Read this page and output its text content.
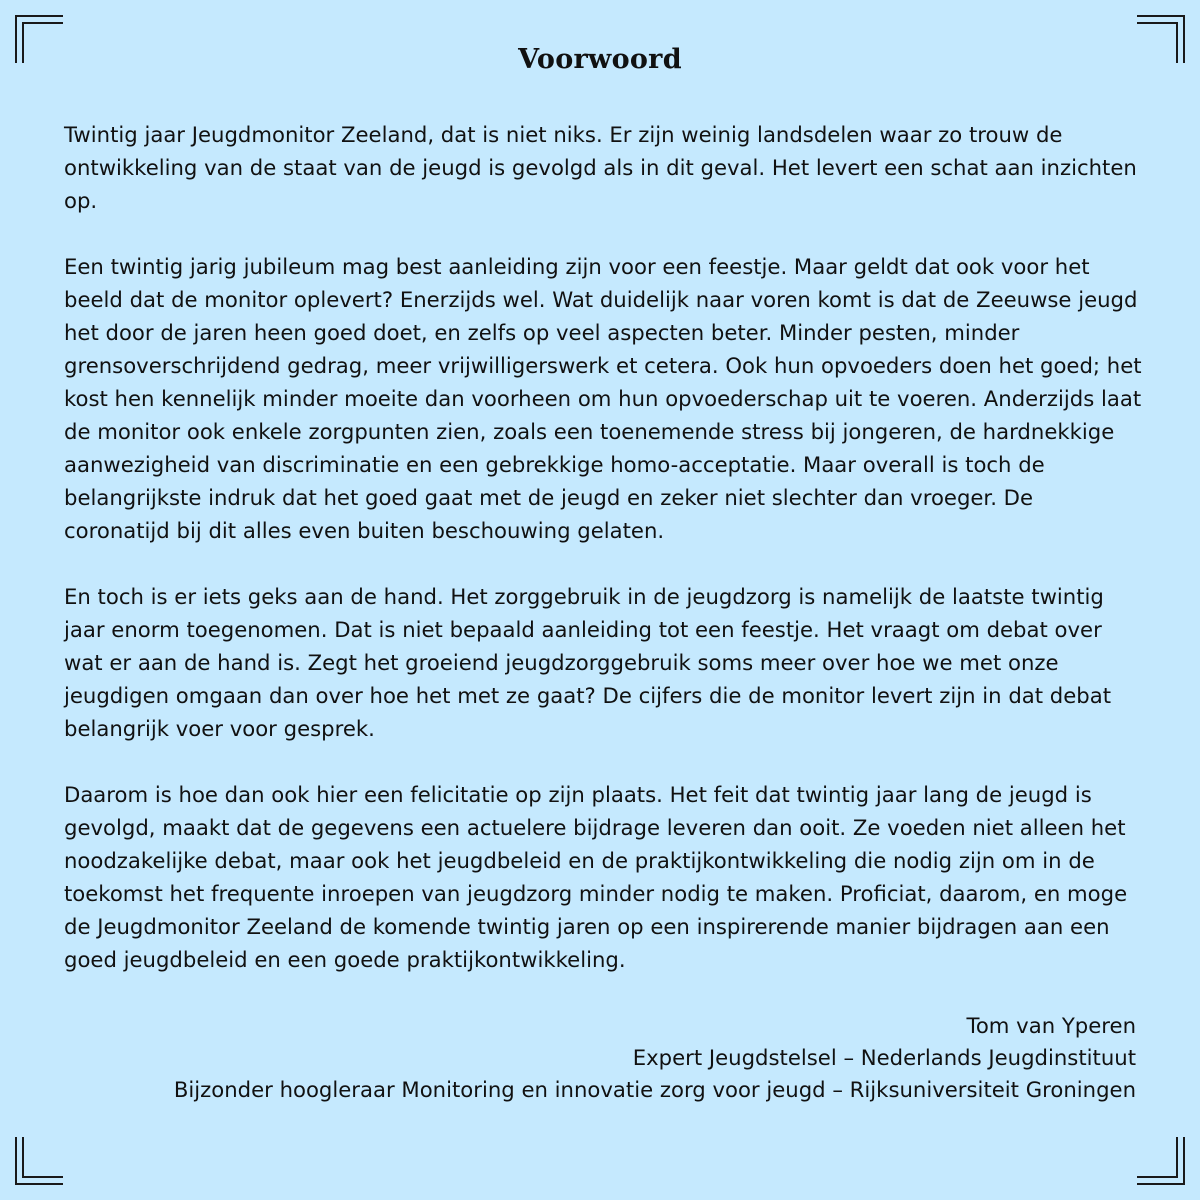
Voorwoord

Twintig jaar Jeugdmonitor Zeeland, dat is niet niks. Er zijn weinig landsdelen waar zo trouw de ontwikkeling van de staat van de jeugd is gevolgd als in dit geval. Het levert een schat aan inzichten op.

Een twintig jarig jubileum mag best aanleiding zijn voor een feestje. Maar geldt dat ook voor het beeld dat de monitor oplevert? Enerzijds wel. Wat duidelijk naar voren komt is dat de Zeeuwse jeugd het door de jaren heen goed doet, en zelfs op veel aspecten beter. Minder pesten, minder grensoverschrijdend gedrag, meer vrijwilligerswerk et cetera. Ook hun opvoeders doen het goed; het kost hen kennelijk minder moeite dan voorheen om hun opvoederschap uit te voeren. Anderzijds laat de monitor ook enkele zorgpunten zien, zoals een toenemende stress bij jongeren, de hardnekkige aanwezigheid van discriminatie en een gebrekkige homo-acceptatie. Maar overall is toch de belangrijkste indruk dat het goed gaat met de jeugd en zeker niet slechter dan vroeger. De coronatijd bij dit alles even buiten beschouwing gelaten.

En toch is er iets geks aan de hand. Het zorggebruik in de jeugdzorg is namelijk de laatste twintig jaar enorm toegenomen. Dat is niet bepaald aanleiding tot een feestje. Het vraagt om debat over wat er aan de hand is. Zegt het groeiend jeugdzorggebruik soms meer over hoe we met onze jeugdigen omgaan dan over hoe het met ze gaat? De cijfers die de monitor levert zijn in dat debat belangrijk voer voor gesprek.

Daarom is hoe dan ook hier een felicitatie op zijn plaats. Het feit dat twintig jaar lang de jeugd is gevolgd, maakt dat de gegevens een actuelere bijdrage leveren dan ooit. Ze voeden niet alleen het noodzakelijke debat, maar ook het jeugdbeleid en de praktijkontwikkeling die nodig zijn om in de toekomst het frequente inroepen van jeugdzorg minder nodig te maken. Proficiat, daarom, en moge de Jeugdmonitor Zeeland de komende twintig jaren op een inspirerende manier bijdragen aan een goed jeugdbeleid en een goede praktijkontwikkeling.

Tom van Yperen
Expert Jeugdstelsel – Nederlands Jeugdinstituut
Bijzonder hoogleraar Monitoring en innovatie zorg voor jeugd – Rijksuniversiteit Groningen
